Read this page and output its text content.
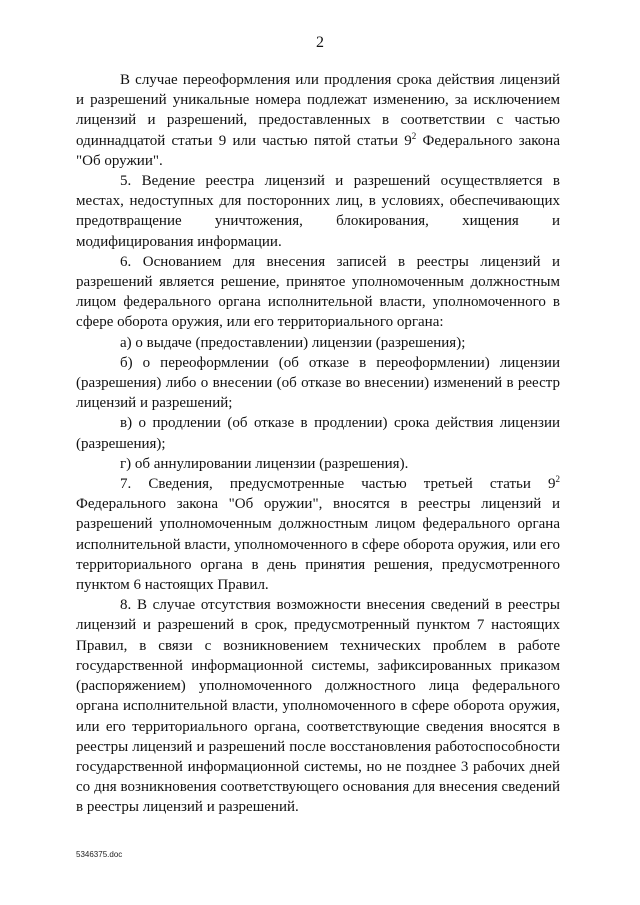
2

В случае переоформления или продления срока действия лицензий и разрешений уникальные номера подлежат изменению, за исключением лицензий и разрешений, предоставленных в соответствии с частью одиннадцатой статьи 9 или частью пятой статьи $9^2$ Федерального закона "Об оружии".

5. Ведение реестра лицензий и разрешений осуществляется в местах, недоступных для посторонних лиц, в условиях, обеспечивающих предотвращение уничтожения, блокирования, хищения и модифицирования информации.

6. Основанием для внесения записей в реестры лицензий и разрешений является решение, принятое уполномоченным должностным лицом федерального органа исполнительной власти, уполномоченного в сфере оборота оружия, или его территориального органа:

а) о выдаче (предоставлении) лицензии (разрешения);

б) о переоформлении (об отказе в переоформлении) лицензии (разрешения) либо о внесении (об отказе во внесении) изменений в реестр лицензий и разрешений;

в) о продлении (об отказе в продлении) срока действия лицензии (разрешения);

г) об аннулировании лицензии (разрешения).

7. Сведения, предусмотренные частью третьей статьи $9^2$ Федерального закона "Об оружии", вносятся в реестры лицензий и разрешений уполномоченным должностным лицом федерального органа исполнительной власти, уполномоченного в сфере оборота оружия, или его территориального органа в день принятия решения, предусмотренного пунктом 6 настоящих Правил.

8. В случае отсутствия возможности внесения сведений в реестры лицензий и разрешений в срок, предусмотренный пунктом 7 настоящих Правил, в связи с возникновением технических проблем в работе государственной информационной системы, зафиксированных приказом (распоряжением) уполномоченного должностного лица федерального органа исполнительной власти, уполномоченного в сфере оборота оружия, или его территориального органа, соответствующие сведения вносятся в реестры лицензий и разрешений после восстановления работоспособности государственной информационной системы, но не позднее 3 рабочих дней со дня возникновения соответствующего основания для внесения сведений в реестры лицензий и разрешений.

5346375.doc
